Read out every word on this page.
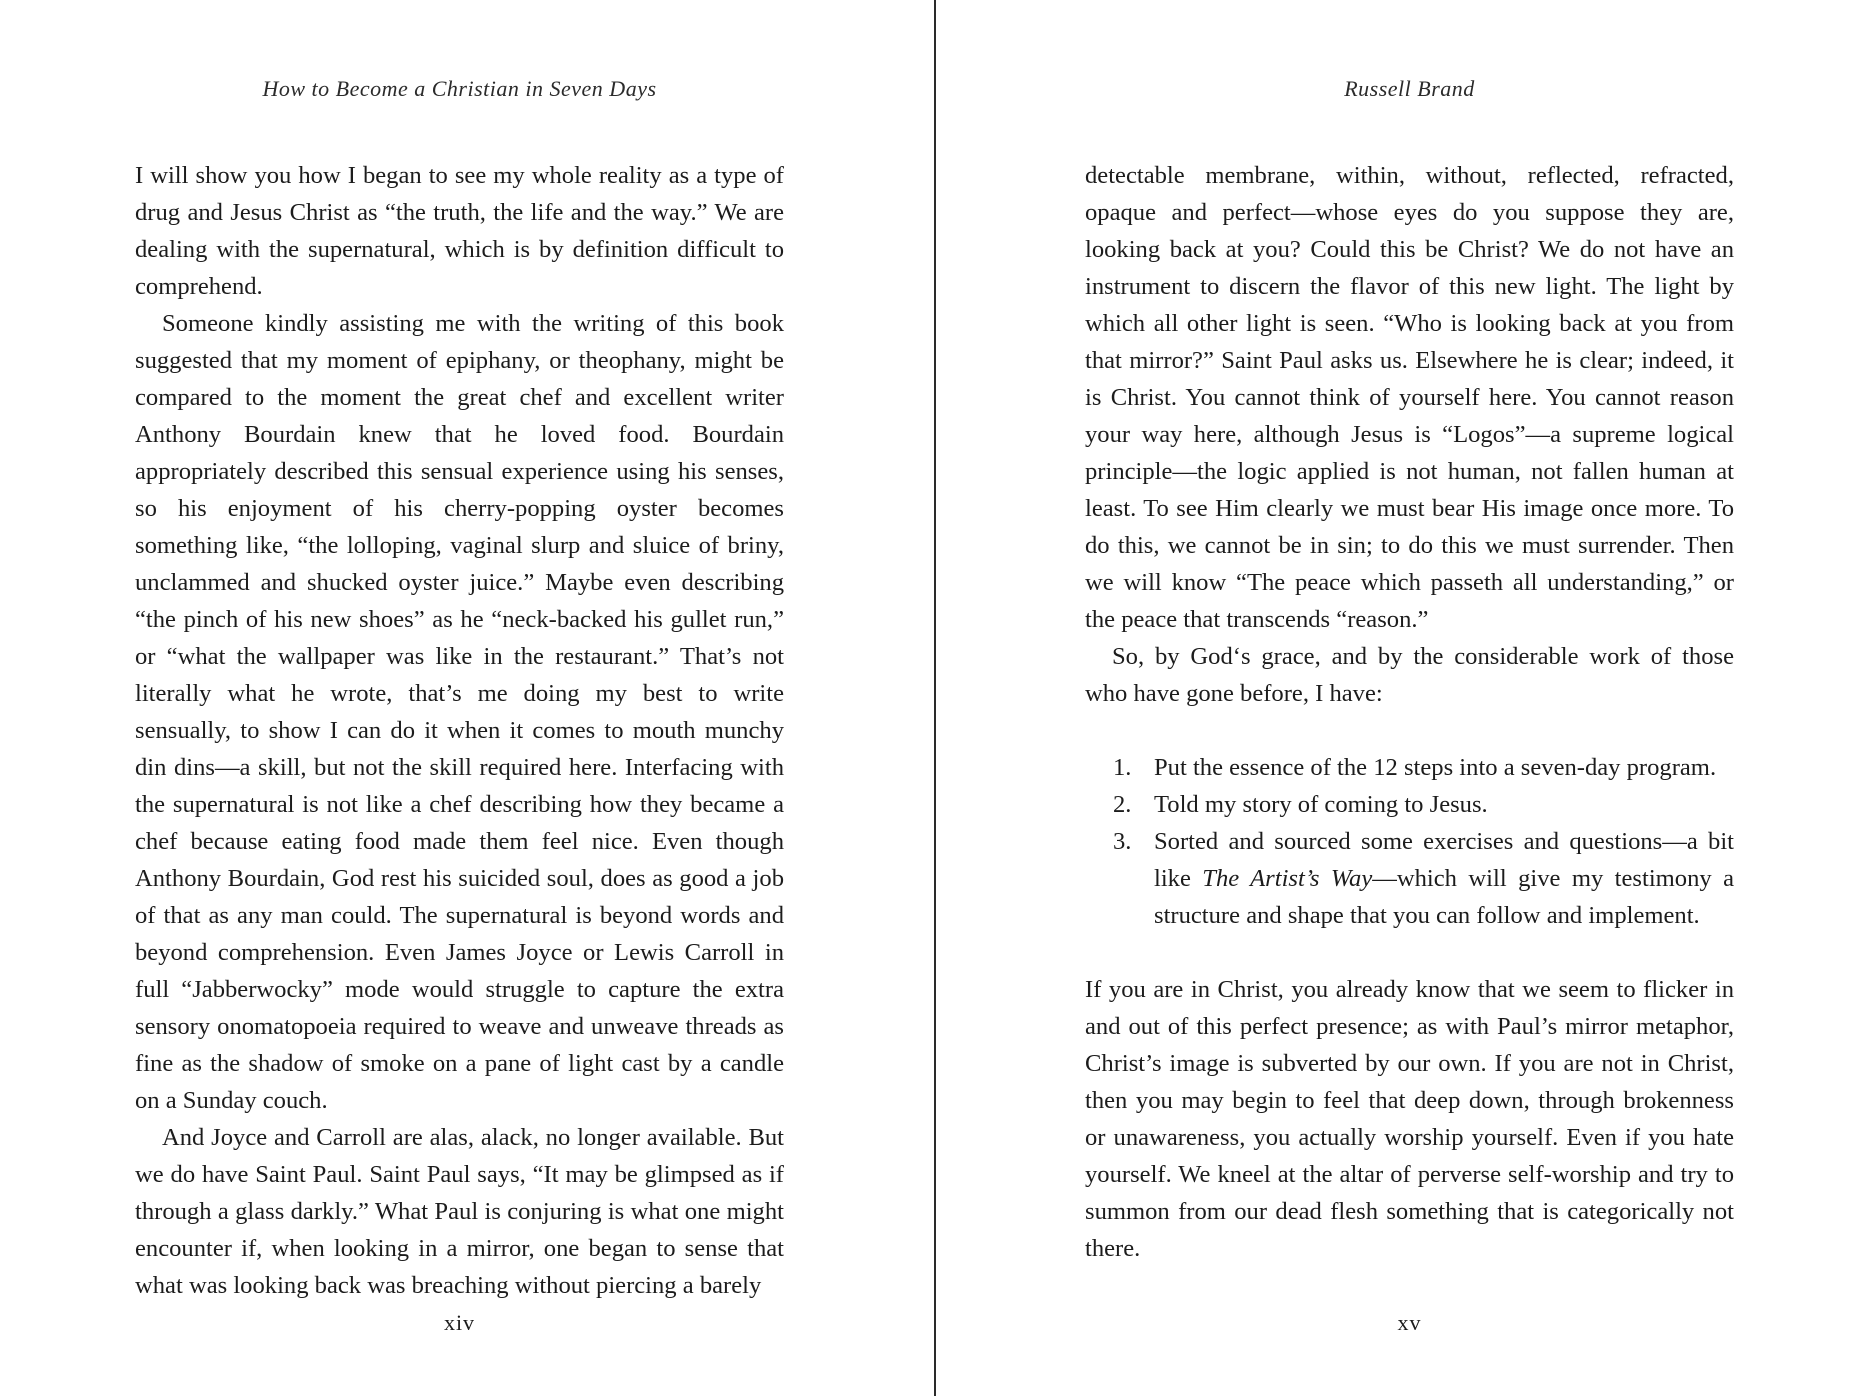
How to Become a Christian in Seven Days

I will show you how I began to see my whole reality as a type of drug and Jesus Christ as “the truth, the life and the way.” We are dealing with the supernatural, which is by definition difficult to comprehend.

Someone kindly assisting me with the writing of this book suggested that my moment of epiphany, or theophany, might be compared to the moment the great chef and excellent writer Anthony Bourdain knew that he loved food. Bourdain appropriately described this sensual experience using his senses, so his enjoyment of his cherry-popping oyster becomes something like, “the lolloping, vaginal slurp and sluice of briny, unclammed and shucked oyster juice.” Maybe even describing “the pinch of his new shoes” as he “neck-backed his gullet run,” or “what the wallpaper was like in the restaurant.” That’s not literally what he wrote, that’s me doing my best to write sensually, to show I can do it when it comes to mouth munchy din dins—a skill, but not the skill required here. Interfacing with the supernatural is not like a chef describing how they became a chef because eating food made them feel nice. Even though Anthony Bourdain, God rest his suicided soul, does as good a job of that as any man could. The supernatural is beyond words and beyond comprehension. Even James Joyce or Lewis Carroll in full “Jabberwocky” mode would struggle to capture the extra sensory onomatopoeia required to weave and unweave threads as fine as the shadow of smoke on a pane of light cast by a candle on a Sunday couch.

And Joyce and Carroll are alas, alack, no longer available. But we do have Saint Paul. Saint Paul says, “It may be glimpsed as if through a glass darkly.” What Paul is conjuring is what one might encounter if, when looking in a mirror, one began to sense that what was looking back was breaching without piercing a barely

xiv
Russell Brand

detectable membrane, within, without, reflected, refracted, opaque and perfect—whose eyes do you suppose they are, looking back at you? Could this be Christ? We do not have an instrument to discern the flavor of this new light. The light by which all other light is seen. “Who is looking back at you from that mirror?” Saint Paul asks us. Elsewhere he is clear; indeed, it is Christ. You cannot think of yourself here. You cannot reason your way here, although Jesus is “Logos”—a supreme logical principle—the logic applied is not human, not fallen human at least. To see Him clearly we must bear His image once more. To do this, we cannot be in sin; to do this we must surrender. Then we will know “The peace which passeth all understanding,” or the peace that transcends “reason.”

So, by God‘s grace, and by the considerable work of those who have gone before, I have:

1. Put the essence of the 12 steps into a seven-day program.
2. Told my story of coming to Jesus.
3. Sorted and sourced some exercises and questions—a bit like The Artist’s Way—which will give my testimony a structure and shape that you can follow and implement.

If you are in Christ, you already know that we seem to flicker in and out of this perfect presence; as with Paul’s mirror metaphor, Christ’s image is subverted by our own. If you are not in Christ, then you may begin to feel that deep down, through brokenness or unawareness, you actually worship yourself. Even if you hate yourself. We kneel at the altar of perverse self-worship and try to summon from our dead flesh something that is categorically not there.

xv
